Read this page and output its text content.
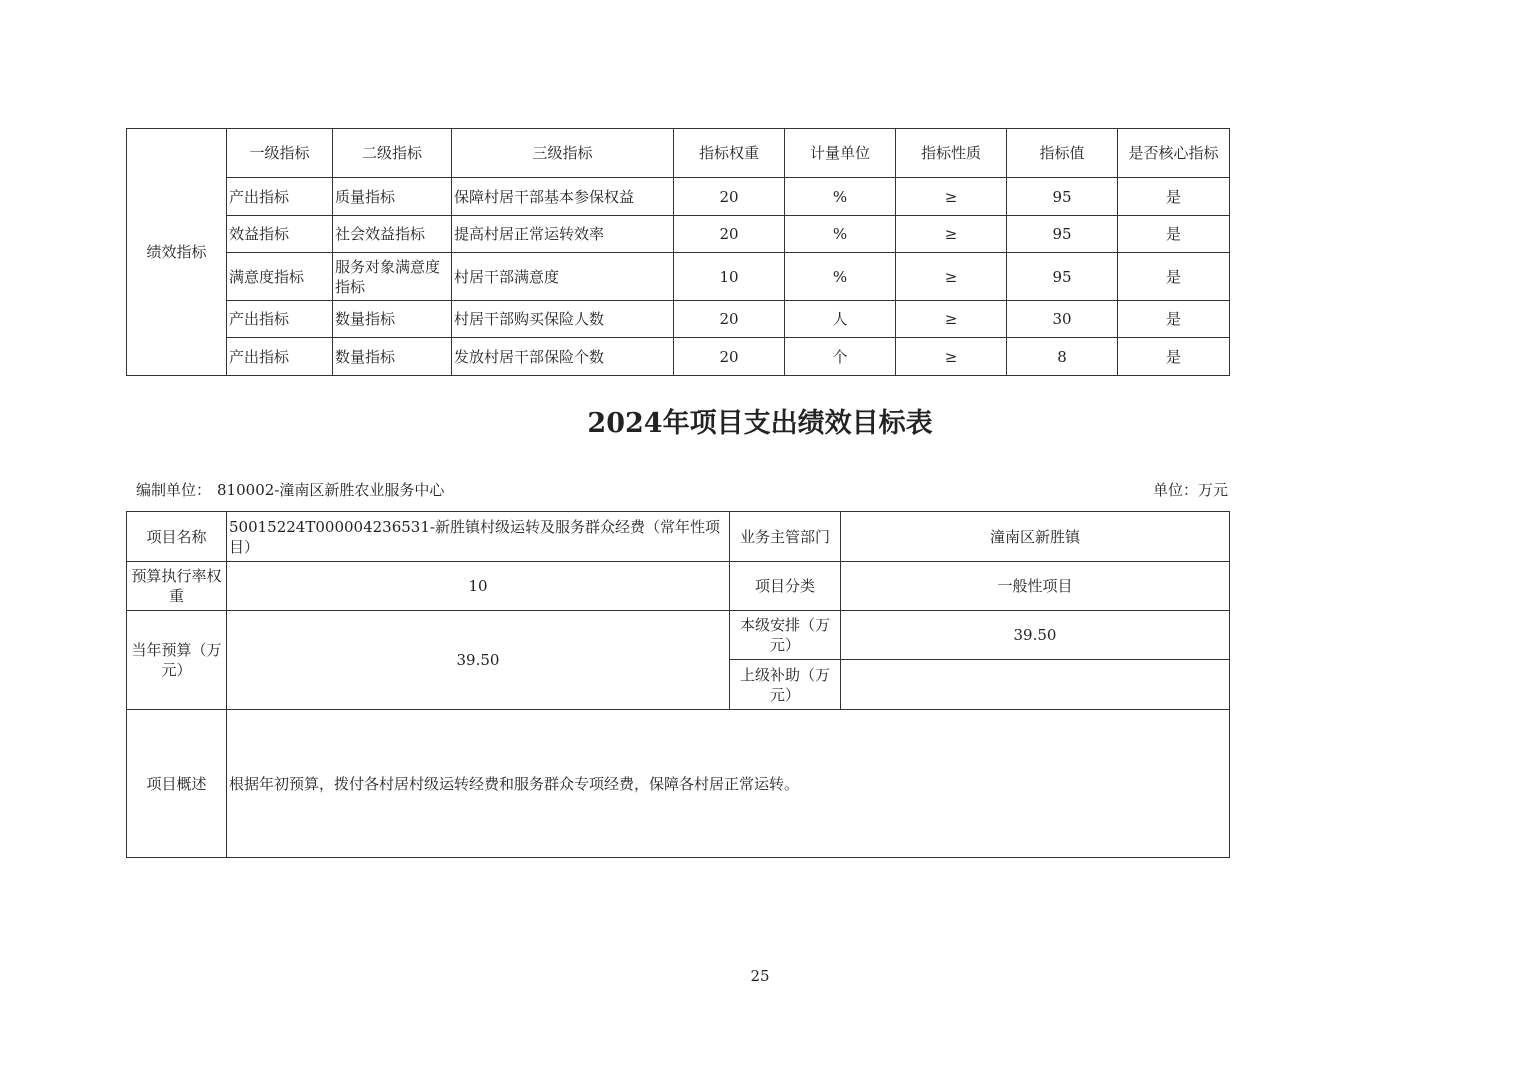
绩效指标	一级指标	二级指标	三级指标	指标权重	计量单位	指标性质	指标值	是否核心指标
	产出指标	质量指标	保障村居干部基本参保权益	20	%	≥	95	是
	效益指标	社会效益指标	提高村居正常运转效率	20	%	≥	95	是
	满意度指标	服务对象满意度指标	村居干部满意度	10	%	≥	95	是
	产出指标	数量指标	村居干部购买保险人数	20	人	≥	30	是
	产出指标	数量指标	发放村居干部保险个数	20	个	≥	8	是
2024年项目支出绩效目标表
编制单位： 810002-潼南区新胜农业服务中心	单位：万元
项目名称	50015224T000004236531-新胜镇村级运转及服务群众经费（常年性项目）	业务主管部门	潼南区新胜镇
预算执行率权重	10	项目分类	一般性项目
当年预算（万元）	39.50	本级安排（万元）	39.50
		上级补助（万元）	
项目概述	根据年初预算，拨付各村居村级运转经费和服务群众专项经费，保障各村居正常运转。		
25
